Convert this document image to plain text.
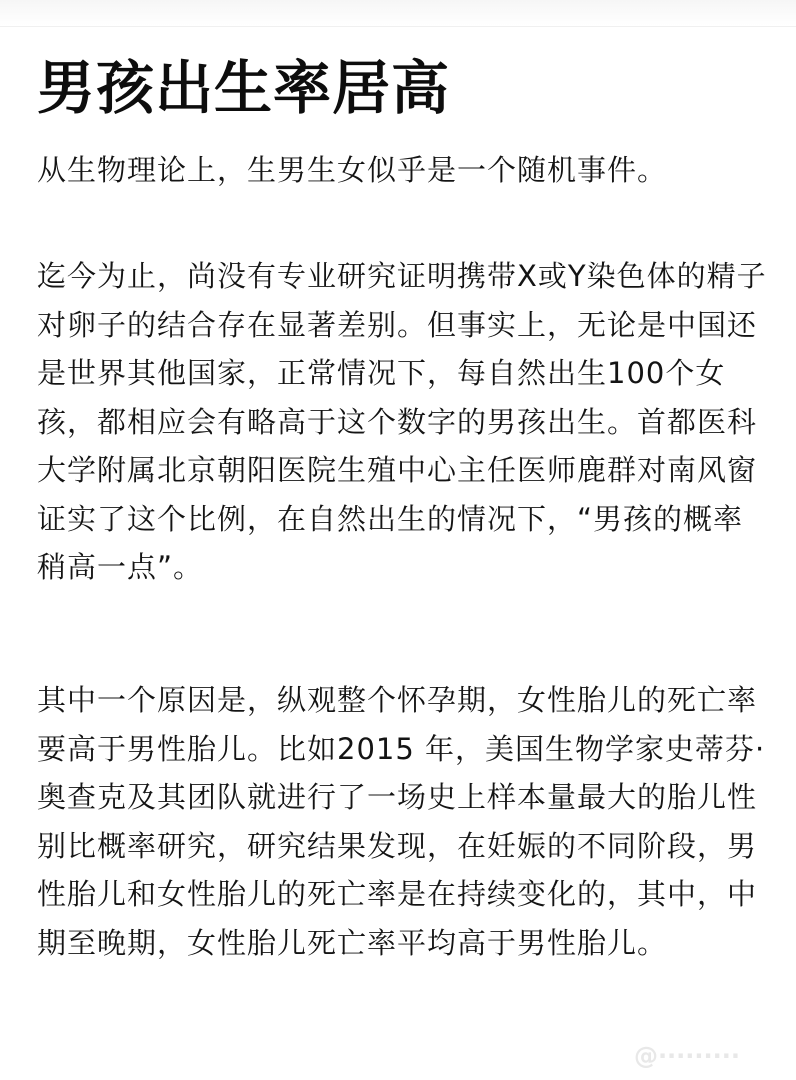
男孩出生率居高

从生物理论上，生男生女似乎是一个随机事件。

迄今为止，尚没有专业研究证明携带X或Y染色体的精子对卵子的结合存在显著差别。但事实上，无论是中国还是世界其他国家，正常情况下，每自然出生100个女孩，都相应会有略高于这个数字的男孩出生。首都医科大学附属北京朝阳医院生殖中心主任医师鹿群对南风窗证实了这个比例，在自然出生的情况下，“男孩的概率稍高一点”。

其中一个原因是，纵观整个怀孕期，女性胎儿的死亡率要高于男性胎儿。比如2015 年，美国生物学家史蒂芬·奥查克及其团队就进行了一场史上样本量最大的胎儿性别比概率研究，研究结果发现，在妊娠的不同阶段，男性胎儿和女性胎儿的死亡率是在持续变化的，其中，中期至晚期，女性胎儿死亡率平均高于男性胎儿。

@·········
